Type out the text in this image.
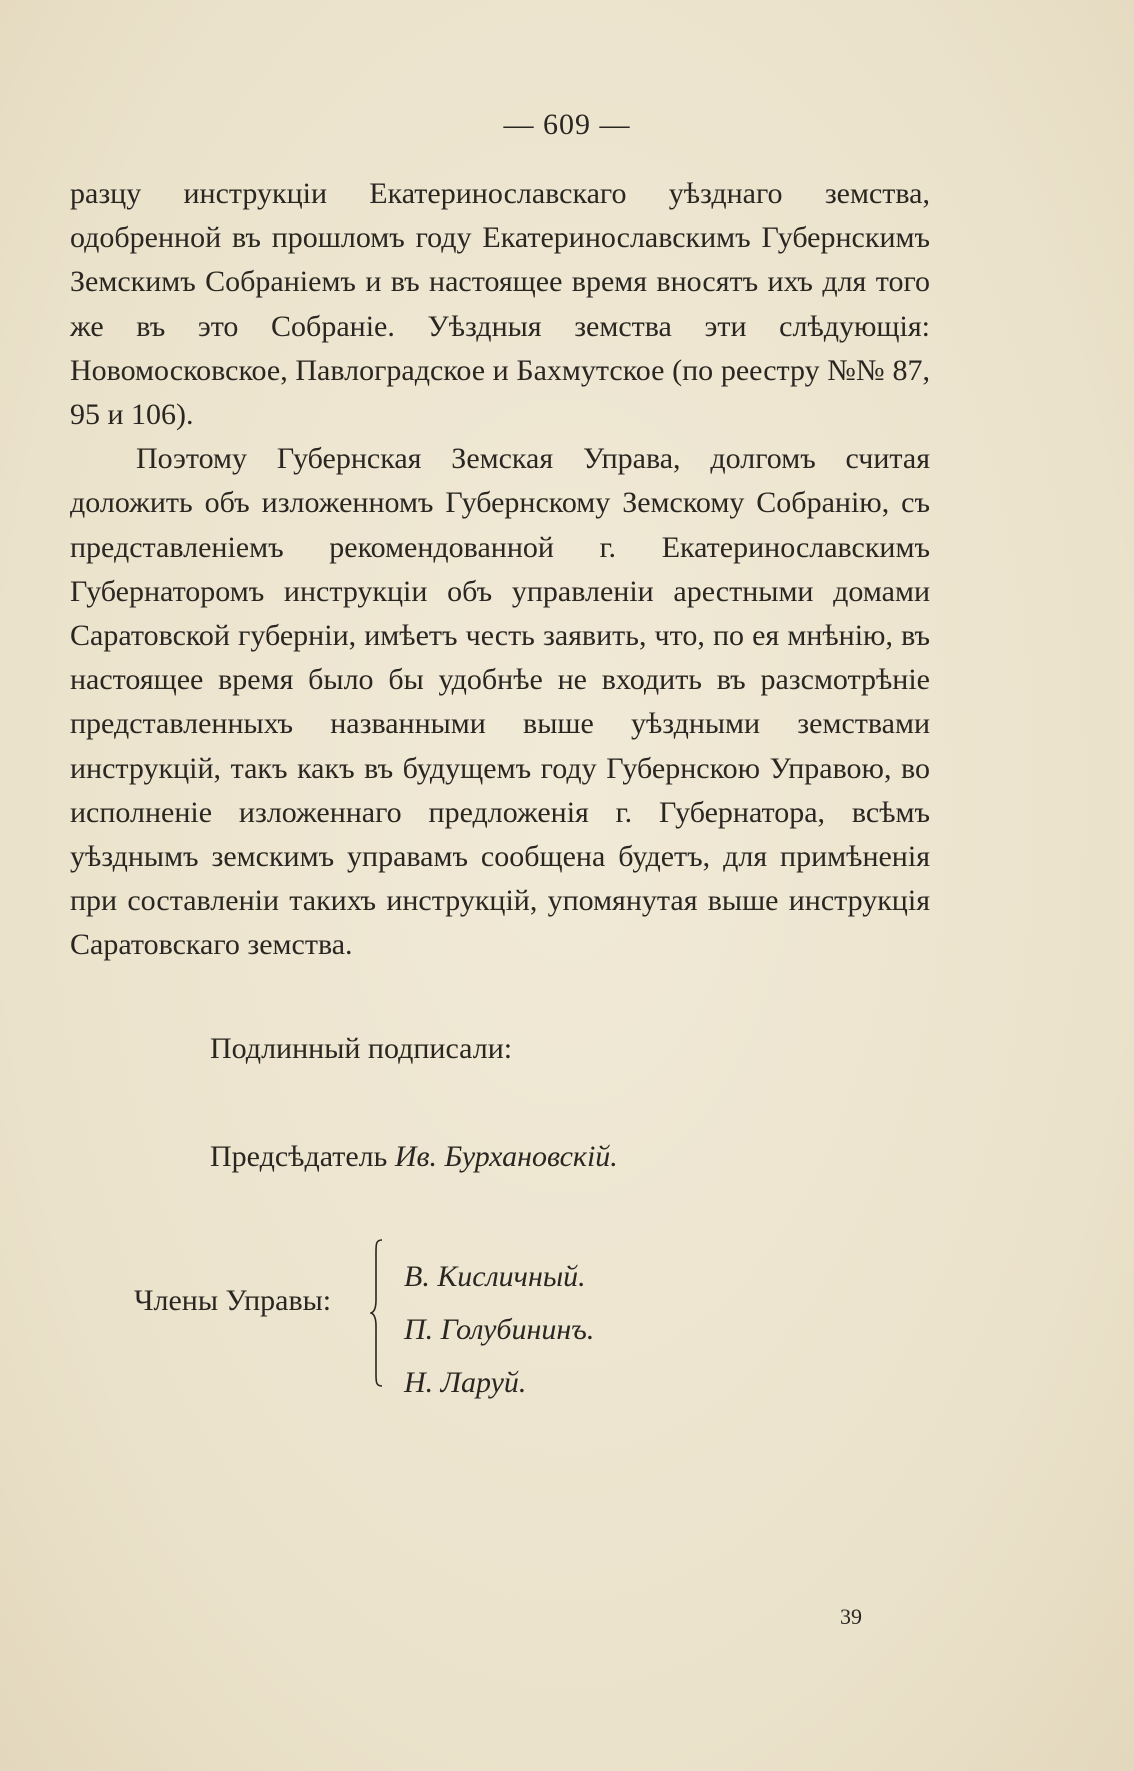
— 609 —

разцу инструкціи Екатеринославскаго уѣзднаго земства, одобренной въ прошломъ году Екатеринославскимъ Губернскимъ Земскимъ Собраніемъ и въ настоящее время вносятъ ихъ для того же въ это Собраніе. Уѣздныя земства эти слѣдующія: Новомосковское, Павлоградское и Бахмутское (по реестру №№ 87, 95 и 106).

Поэтому Губернская Земская Управа, долгомъ считая доложить объ изложенномъ Губернскому Земскому Собранію, съ представленіемъ рекомендованной г. Екатеринославскимъ Губернаторомъ инструкціи объ управленіи арестными домами Саратовской губерніи, имѣетъ честь заявить, что, по ея мнѣнію, въ настоящее время было бы удобнѣе не входить въ разсмотрѣніе представленныхъ названными выше уѣздными земствами инструкцій, такъ какъ въ будущемъ году Губернскою Управою, во исполненіе изложеннаго предложенія г. Губернатора, всѣмъ уѣзднымъ земскимъ управамъ сообщена будетъ, для примѣненія при составленіи такихъ инструкцій, упомянутая выше инструкція Саратовскаго земства.

Подлинный подписали:
Предсѣдатель Ив. Бурхановскій.
Члены Управы:
В. Кисличный.
П. Голубининъ.
Н. Ларуй.
39
